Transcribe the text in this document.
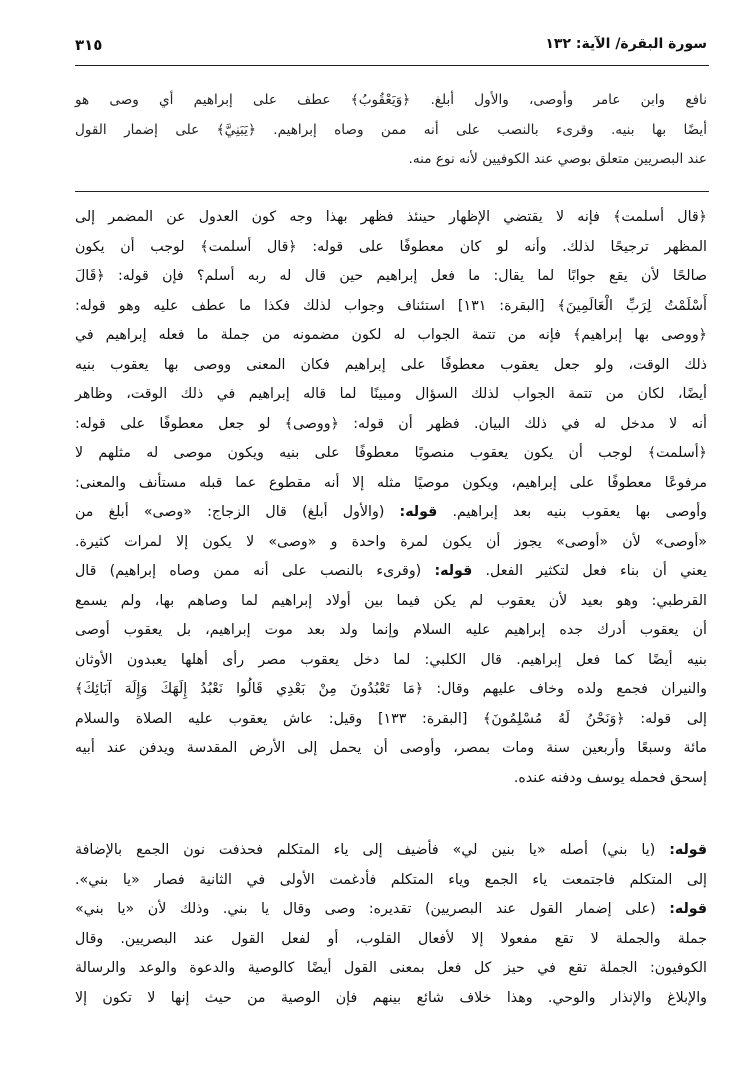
سورة البقرة/ الآية: ١٣٢
٣١٥
نافع وابن عامر وأوصى، والأول أبلغ. ﴿وَيَعْقُوبُ﴾ عطف على إبراهيم أي وصى هو
أيضًا بها بنيه. وقرىء بالنصب على أنه ممن وصاه إبراهيم. ﴿يَبَنِيَّ﴾ على إضمار القول
عند البصريين متعلق بوصي عند الكوفيين لأنه نوع منه.
﴿قال أسلمت﴾ فإنه لا يقتضي الإظهار حينئذ فظهر بهذا وجه كون العدول عن المضمر إلى
المظهر ترجيحًا لذلك. وأنه لو كان معطوفًا على قوله: ﴿قال أسلمت﴾ لوجب أن يكون
صالحًا لأن يقع جوابًا لما يقال: ما فعل إبراهيم حين قال له ربه أسلم؟ فإن قوله: ﴿قَالَ
أَسْلَمْتُ لِرَبِّ الْعَالَمِينَ﴾ [البقرة: ١٣١] استئناف وجواب لذلك فكذا ما عطف عليه وهو قوله:
﴿ووصى بها إبراهيم﴾ فإنه من تتمة الجواب له لكون مضمونه من جملة ما فعله إبراهيم في
ذلك الوقت، ولو جعل يعقوب معطوفًا على إبراهيم فكان المعنى ووصى بها يعقوب بنيه
أيضًا، لكان من تتمة الجواب لذلك السؤال ومبينًا لما قاله إبراهيم في ذلك الوقت، وظاهر
أنه لا مدخل له في ذلك البيان. فظهر أن قوله: ﴿ووصى﴾ لو جعل معطوفًا على قوله:
﴿أسلمت﴾ لوجب أن يكون يعقوب منصوبًا معطوفًا على بنيه ويكون موصى له مثلهم لا
مرفوعًا معطوفًا على إبراهيم، ويكون موصيًا مثله إلا أنه مقطوع عما قبله مستأنف والمعنى:
وأوصى بها يعقوب بنيه بعد إبراهيم. قوله: (والأول أبلغ) قال الزجاج: «وصى» أبلغ من
«أوصى» لأن «أوصى» يجوز أن يكون لمرة واحدة و «وصى» لا يكون إلا لمرات كثيرة.
يعني أن بناء فعل لتكثير الفعل. قوله: (وقرىء بالنصب على أنه ممن وصاه إبراهيم) قال
القرطبي: وهو بعيد لأن يعقوب لم يكن فيما بين أولاد إبراهيم لما وصاهم بها، ولم يسمع
أن يعقوب أدرك جده إبراهيم عليه السلام وإنما ولد بعد موت إبراهيم، بل يعقوب أوصى
بنيه أيضًا كما فعل إبراهيم. قال الكلبي: لما دخل يعقوب مصر رأى أهلها يعبدون الأوثان
والنيران فجمع ولده وخاف عليهم وقال: ﴿مَا تَعْبُدُونَ مِنْ بَعْدِي قَالُوا نَعْبُدُ إِلَهَكَ وَإِلَهَ آبَائِكَ﴾
إلى قوله: ﴿وَنَحْنُ لَهُ مُسْلِمُونَ﴾ [البقرة: ١٣٣] وقيل: عاش يعقوب عليه الصلاة والسلام
مائة وسبعًا وأربعين سنة ومات بمصر، وأوصى أن يحمل إلى الأرض المقدسة ويدفن عند أبيه
إسحق فحمله يوسف ودفنه عنده.
قوله: (يا بني) أصله «يا بنين لي» فأضيف إلى ياء المتكلم فحذفت نون الجمع بالإضافة
إلى المتكلم فاجتمعت ياء الجمع وياء المتكلم فأدغمت الأولى في الثانية فصار «يا بني».
قوله: (على إضمار القول عند البصريين) تقديره: وصى وقال يا بني. وذلك لأن «يا بني»
جملة والجملة لا تقع مفعولا إلا لأفعال القلوب، أو لفعل القول عند البصريين. وقال
الكوفيون: الجملة تقع في حيز كل فعل بمعنى القول أيضًا كالوصية والدعوة والوعد والرسالة
والإبلاغ والإنذار والوحي. وهذا خلاف شائع بينهم فإن الوصية من حيث إنها لا تكون إلا
